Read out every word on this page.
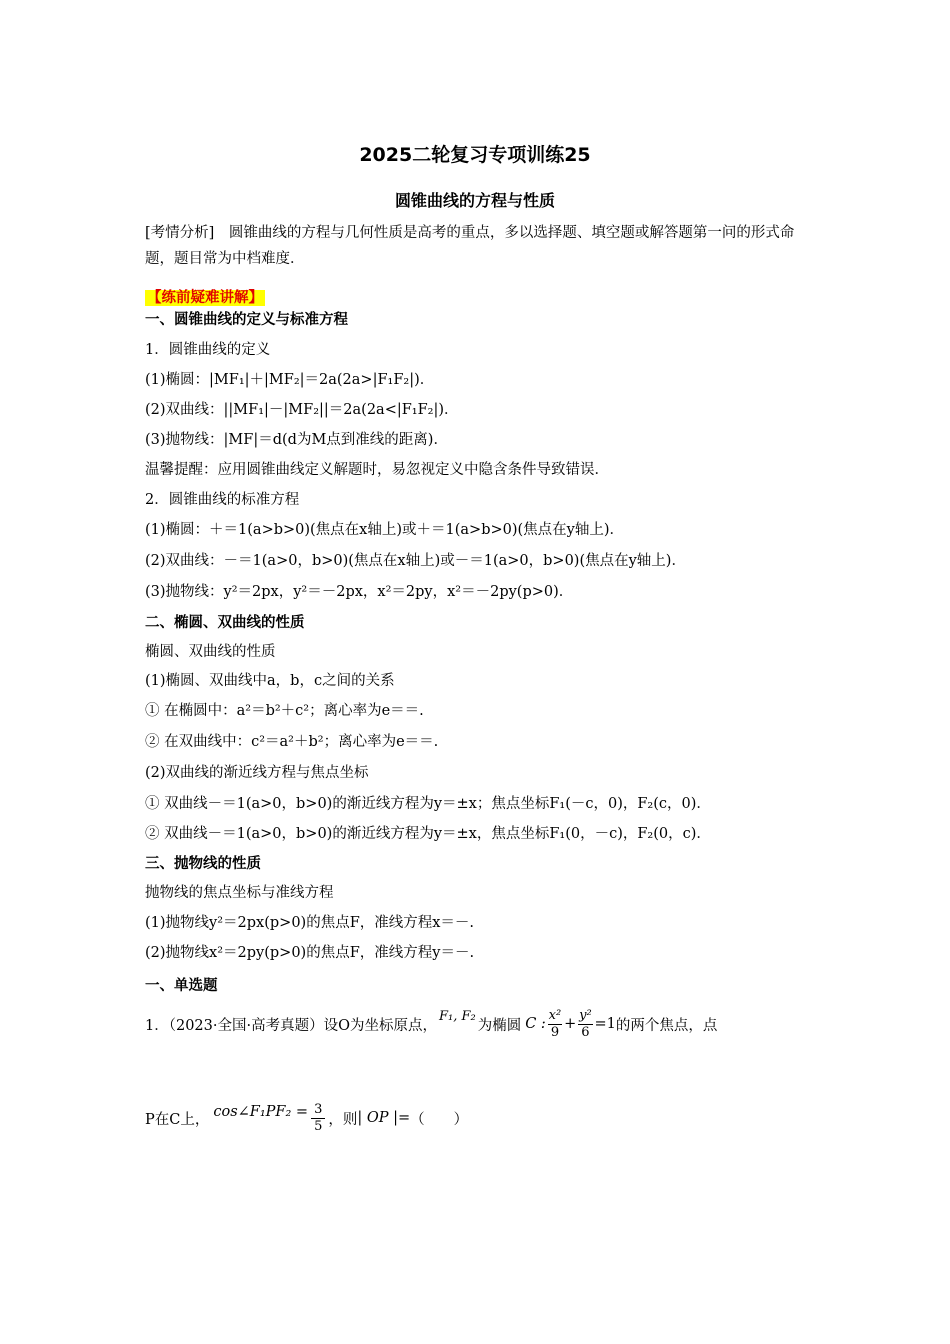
2025二轮复习专项训练25
圆锥曲线的方程与性质
[考情分析]　圆锥曲线的方程与几何性质是高考的重点，多以选择题、填空题或解答题第一问的形式命题，题目常为中档难度．
【练前疑难讲解】
一、圆锥曲线的定义与标准方程
1．圆锥曲线的定义
(1)椭圆：|MF₁|＋|MF₂|＝2a(2a>|F₁F₂|)．
(2)双曲线：||MF₁|－|MF₂||＝2a(2a<|F₁F₂|)．
(3)抛物线：|MF|＝d(d为M点到准线的距离)．
温馨提醒：应用圆锥曲线定义解题时，易忽视定义中隐含条件导致错误．
2．圆锥曲线的标准方程
(1)椭圆：＋＝1(a>b>0)(焦点在x轴上)或＋＝1(a>b>0)(焦点在y轴上)．
(2)双曲线：－＝1(a>0，b>0)(焦点在x轴上)或－＝1(a>0，b>0)(焦点在y轴上)．
(3)抛物线：y²＝2px，y²＝－2px，x²＝2py，x²＝－2py(p>0)．
二、椭圆、双曲线的性质
椭圆、双曲线的性质
(1)椭圆、双曲线中a，b，c之间的关系
① 在椭圆中：a²＝b²＋c²；离心率为e＝＝.
② 在双曲线中：c²＝a²＋b²；离心率为e＝＝.
(2)双曲线的渐近线方程与焦点坐标
① 双曲线－＝1(a>0，b>0)的渐近线方程为y＝±x；焦点坐标F₁(－c，0)，F₂(c，0)．
② 双曲线－＝1(a>0，b>0)的渐近线方程为y＝±x，焦点坐标F₁(0，－c)，F₂(0，c)．
三、抛物线的性质
抛物线的焦点坐标与准线方程
(1)抛物线y²＝2px(p>0)的焦点F，准线方程x＝－.
(2)抛物线x²＝2py(p>0)的焦点F，准线方程y＝－.
一、单选题
1．（2023·全国·高考真题）设O为坐标原点，
F₁, F₂
为椭圆 C : $\frac{\text{x²}}{9} + \frac{\text{y²}}{6} =1$ 的两个焦点，点
P在C上， cos∠F₁PF₂ = $\frac{3}{5}$ ，则 | OP |= （　　）
